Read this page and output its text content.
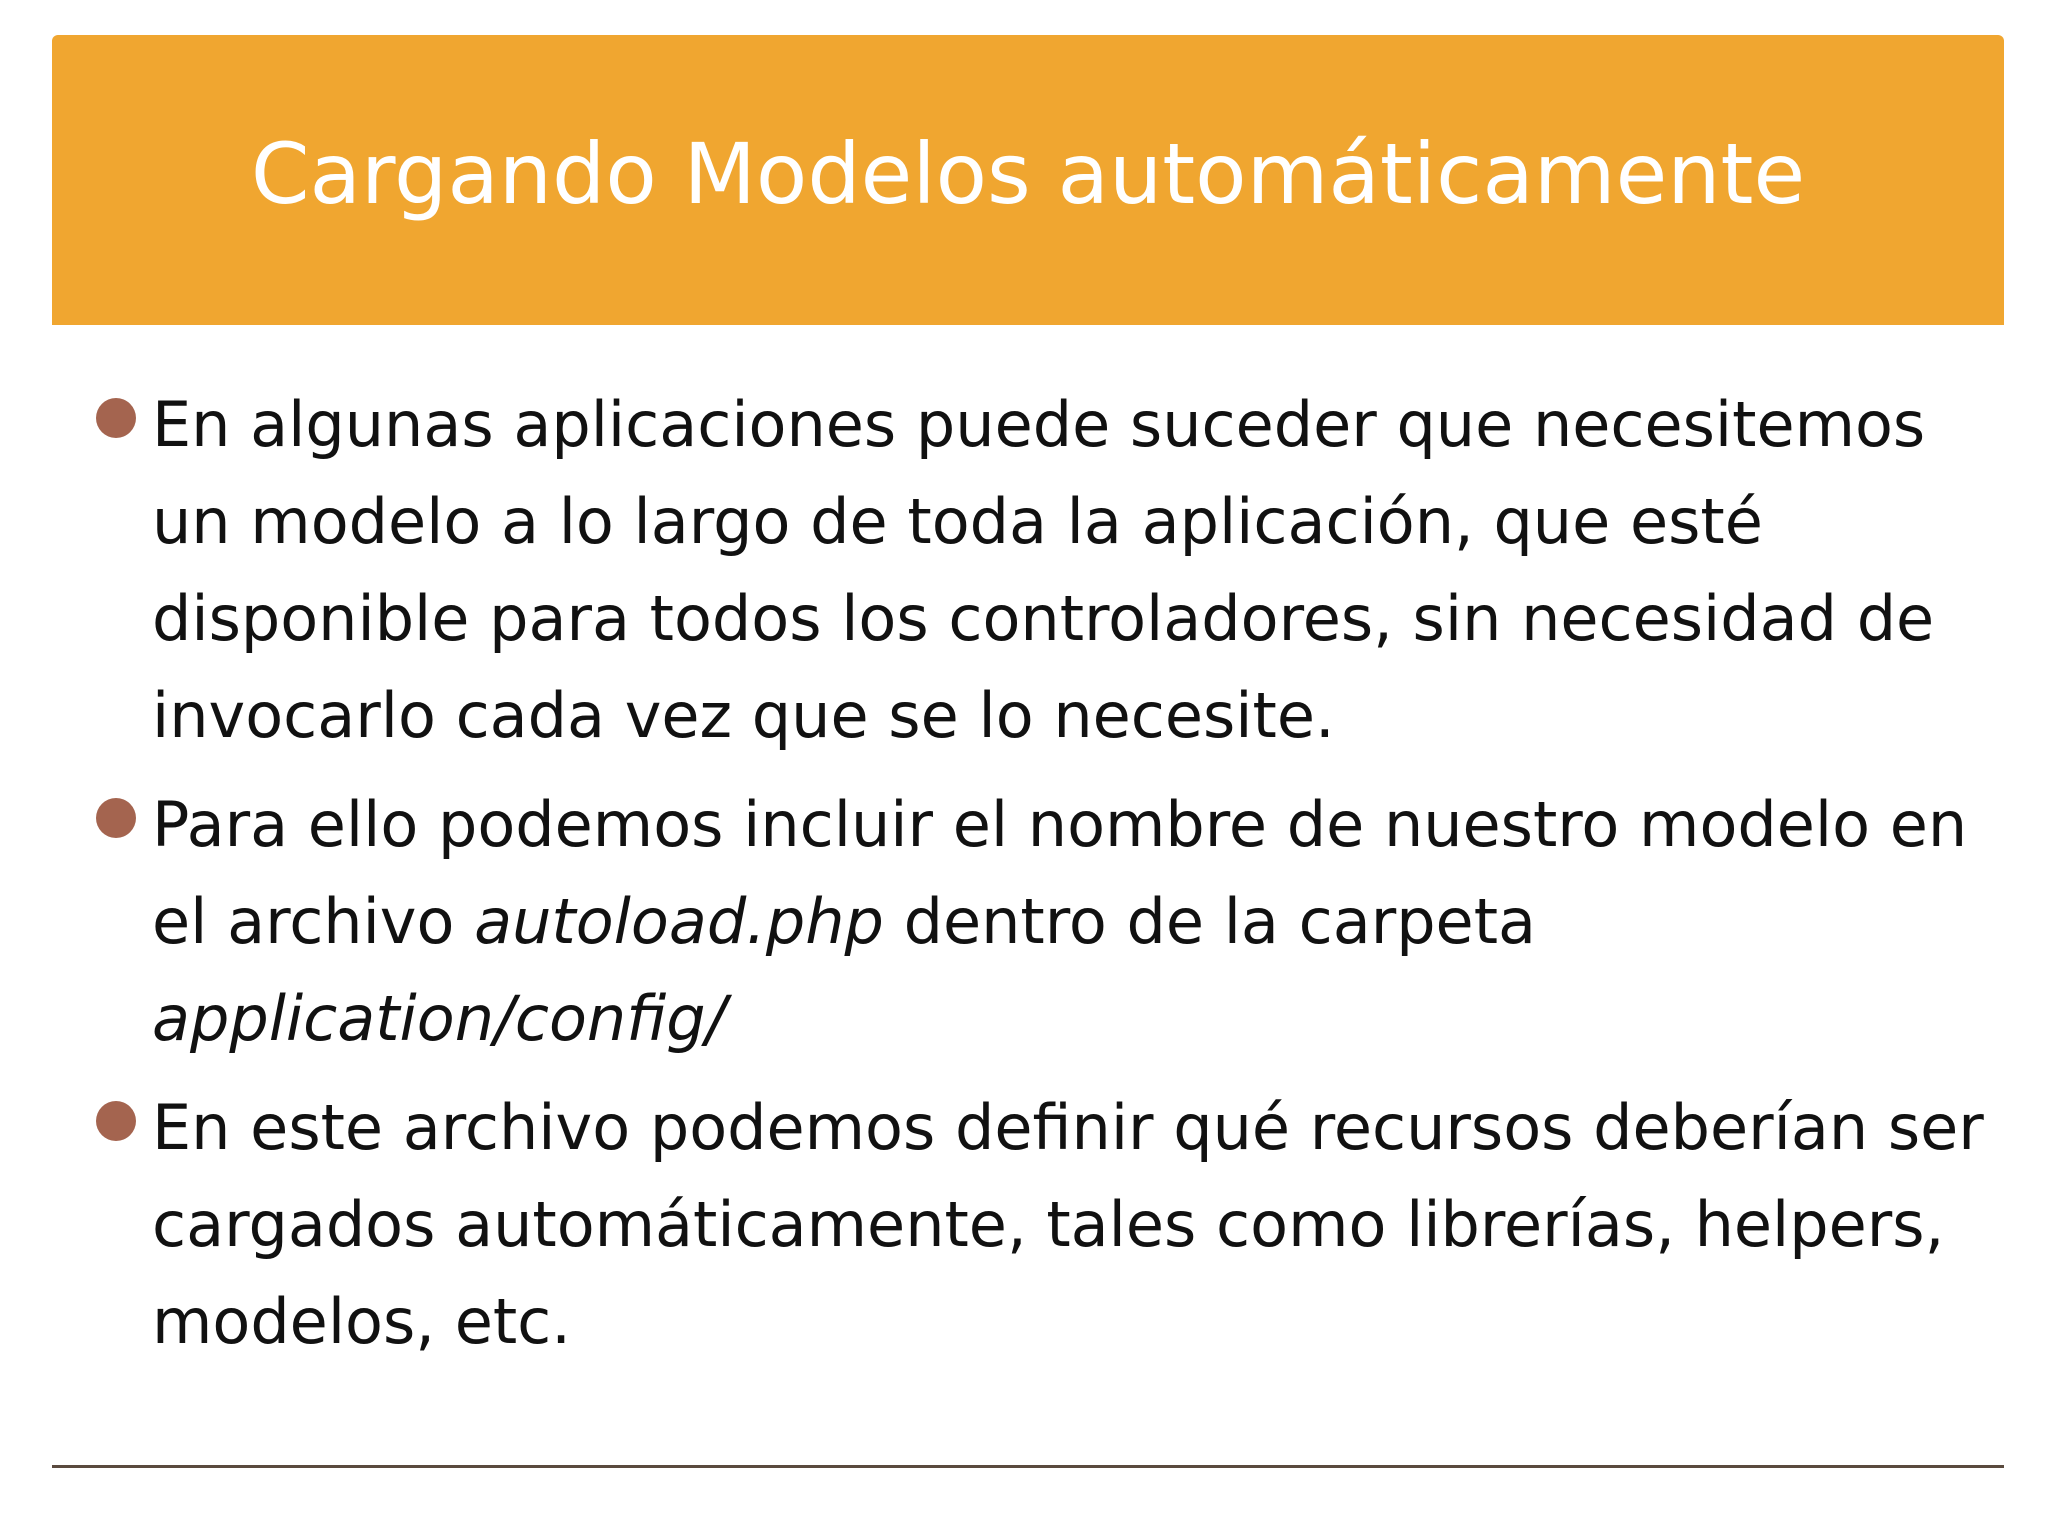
Cargando Modelos automáticamente
En algunas aplicaciones puede suceder que necesitemos un modelo a lo largo de toda la aplicación, que esté disponible para todos los controladores, sin necesidad de invocarlo cada vez que se lo necesite.
Para ello podemos incluir el nombre de nuestro modelo en el archivo autoload.php dentro de la carpeta application/config/
En este archivo podemos definir qué recursos deberían ser cargados automáticamente, tales como librerías, helpers, modelos, etc.
